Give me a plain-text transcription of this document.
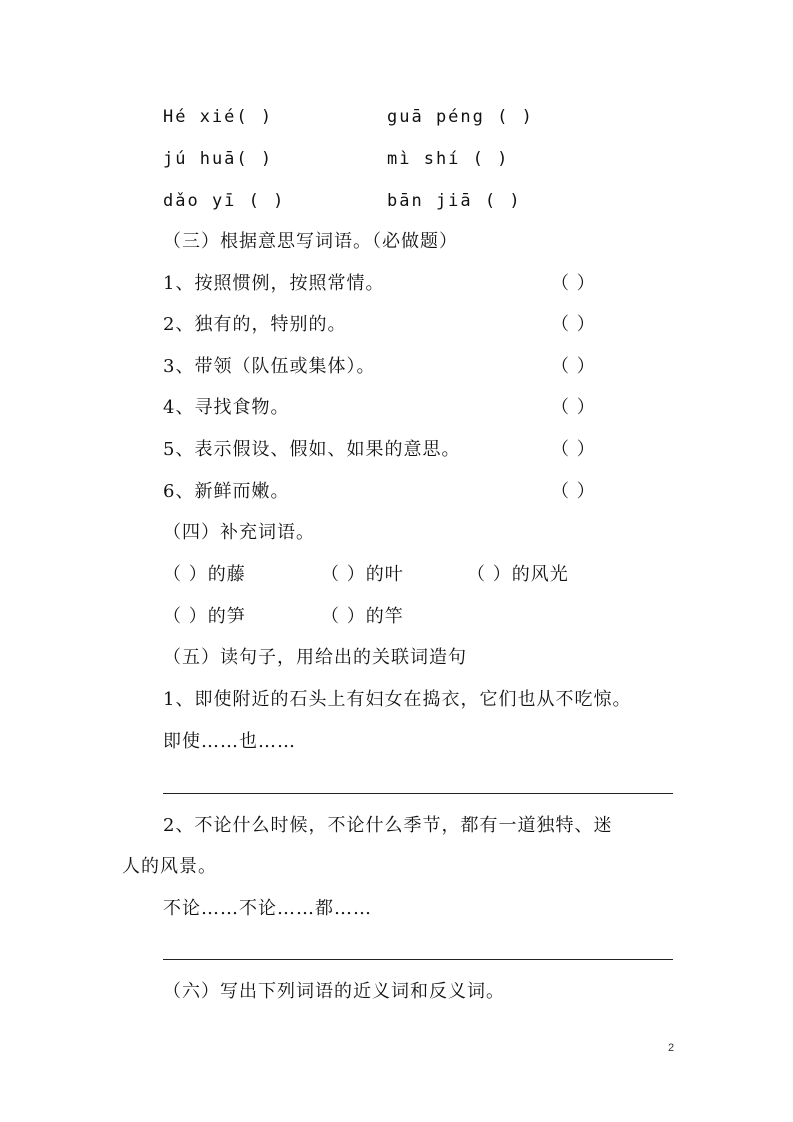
Hé xié( )	guā péng ( )
jú huā( )	mì shí ( )
dǎo yī ( )	bān jiā ( )
（三）根据意思写词语。（必做题）
1、按照惯例，按照常情。	（ ）
2、独有的，特别的。	（ ）
3、带领（队伍或集体）。	（ ）
4、寻找食物。	（ ）
5、表示假设、假如、如果的意思。	（ ）
6、新鲜而嫩。	（ ）
（四）补充词语。
（ ）的藤	（ ）的叶	（ ）的风光
（ ）的笋	（ ）的竿
（五）读句子，用给出的关联词造句
1、即使附近的石头上有妇女在捣衣，它们也从不吃惊。
即使……也……
2、不论什么时候，不论什么季节，都有一道独特、迷
人的风景。
不论……不论……都……
（六）写出下列词语的近义词和反义词。
2
